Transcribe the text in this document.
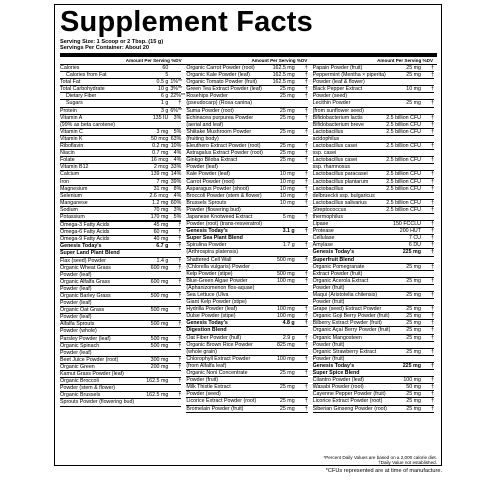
Supplement Facts
Serving Size: 1 Scoop or 2 Tbsp. (15 g)
Servings Per Container: About 20
Amount Per Serving %DV	Amount Per Serving %DV	Amount Per Serving %DV
Calories	60
Calories from Fat	5
Total Fat	0.5 g 1%**
Total Carbohydrate	10 g 3%**
Dietary Fiber	6 g 22%**
Sugars	1 g	†
Protein	3 g 6%**
Vitamin A	135 IU	3%
(99% as beta carotene)
Vitamin C	3 mg	5%
Vitamin K	50 mcg 63%
Riboflavin	0.2 mg 10%
Niacin	0.7 mg	4%
Folate	16 mcg	4%
Vitamin B12	2 mcg 33%
Calcium	139 mg 14%
Iron	7 mg 39%
Magnesium	31 mg	8%
Selenium	2.6 mcg	4%
Manganese	1.2 mg 60%
Sodium	70 mg	3%
Potassium	170 mg	5%
Omega-3 Fatty Acids	45 mg	†
Omega-6 Fatty Acids	60 mg	†
Omega-9 Fatty Acids	40 mg	†
Genesis Today's	6.7 g	†
Super Land Plant Blend
Flax (seed) Powder	1.4 g	†
Organic Wheat Grass	600 mg	†
Powder (leaf)
Organic Alfalfa Grass	600 mg	†
Powder (leaf)
Organic Barley Grass	500 mg	†
Powder (leaf)
Organic Oat Grass	500 mg	†
Powder (leaf)
Alfalfa Sprouts	500 mg	†
Powder (whole)
Parsley Powder (leaf)	500 mg	†
Organic Spinach	500 mg	†
Powder (leaf)
Beet Juice Powder (root)	300 mg	†
Organic Green	200 mg	†
Kamut Grass Powder (leaf)
Organic Broccoli	162.5 mg	†
Powder (stem & flower)
Organic Brussels	162.5 mg	†
Sprouts Powder (flowering bud)
Organic Carrot Powder (root)	162.5 mg	†
Organic Kale Powder (leaf)	162.5 mg	†
Organic Tomato Powder (fruit)	162.5 mg	†
Green Tea Extract Powder (leaf)	25 mg	†
Rosehips Powder	25 mg	†
(pseudocarp) (Rosa canina)
Suma Powder (root)	25 mg	†
Echinacea purpurea Powder	25 mg	†
(aerial and leaf)
Shiitake Mushroom Powder	25 mg	†
(fruiting body)
Eleuthero Extract Powder (root)	25 mg	†
Astragalus Extract Powder (root)	25 mg	†
Ginkgo Biloba Extract	25 mg	†
Powder (leaf)
Kale Powder (leaf)	10 mg	†
Carrot Powder (root)	10 mg	†
Asparagus Powder (shoot)	10 mg	†
Broccoli Powder (stem & flower)	10 mg	†
Brussels Sprouts	10 mg	†
Powder (flowering bud)
Japanese Knotweed Extract	5 mg	†
Powder (root) (trans-resveratrol)
Genesis Today's	3.1 g	†
Super Sea Plant Blend
Spirulina Powder	1.7 g	†
(Arthrospira platensis)
Shattered Cell Wall	500 mg	†
(Chlorella vulgaris) Powder
Kelp Powder (stipe)	500 mg	†
Blue-Green Algae Powder	100 mg	†
(Aphanizomenon flos-aquae)
Sea Lettuce (Ulva
Giant Kelp Powder (stipe)
Hydrilla Powder (leaf)	100 mg	†
Dulse Powder (stipe)	100 mg	†
Genesis Today's	4.8 g	†
Digestion Blend
Oat Fiber Powder (hull)	2.9 g	†
Organic Brown Rice Powder	825 mg	†
(whole grain)
Chlorophyll Extract Powder	100 mg	†
(from Alfalfa leaf)
Organic Noni Concentrate	25 mg	†
Powder (fruit)
Milk Thistle Extract	25 mg	†
Powder (seed)
Licorice Extract Powder (root)	25 mg	†
Bromelain Powder (fruit)	25 mg	†
Papain Powder (fruit)	25 mg	†
Peppermint (Mentha × piperita)	25 mg	†
Powder (leaf & flower)
Black Pepper Extract	10 mg	†
Powder (seed)
Lecithin Powder	25 mg	†
(from sunflower seed)
Bifidobacterium lactis	2.5 billion CFU	†
Bifidobacterium breve	2.5 billion CFU	†
Lactobacillus	2.5 billion CFU	†
acidophilus
Lactobacillus casei	2.5 billion CFU	†
ssp. casei
Lactobacillus casei	2.5 billion CFU	†
ssp. rhamnosus
Lactobacillus paracasei	2.5 billion CFU	†
Lactobacillus plantarum	2.5 billion CFU	†
Lactobacillus	2.5 billion CFU	†
delbrueckii ssp. bulgaricus
Lactobacillus salivarius	2.5 billion CFU	†
Streptococcus	2.5 billion CFU	†
thermophilus
Lipase	150 FCCLU	†
Protease	200 HUT	†
Cellulase	7 CU	†
Amylase	6 DU	†
Genesis Today's	225 mg	†
Superfruit Blend
Organic Pomegranate	25 mg	†
Extract Powder (fruit)
Organic Acerola Extract	25 mg	†
Powder (fruit)
Maqui (Aristotelia chilensis)	25 mg	†
Powder (fruit)
Grape (seed) Extract Powder	25 mg	†
Organic Goji Berry Powder (fruit)	25 mg	†
Bilberry Extract Powder (fruit)	25 mg	†
Organic Açaí Berry Powder (fruit)	25 mg	†
Organic Mangosteen	25 mg	†
Powder (fruit)
Organic Strawberry Extract	25 mg	†
Powder (fruit)
Genesis Today's	225 mg	†
Super Spice Blend
Cilantro Powder (leaf)	100 mg	†
Wasabi Powder (root)	50 mg	†
Cayenne Pepper Powder (fruit)	25 mg	†
Licorice Extract Powder (root)	25 mg	†
Siberian Ginseng Powder (root)	25 mg	†
*Percent Daily Values are based on a 2,000 calorie diet.
†Daily Value not established.
*CFUs represented are at time of manufacture.
